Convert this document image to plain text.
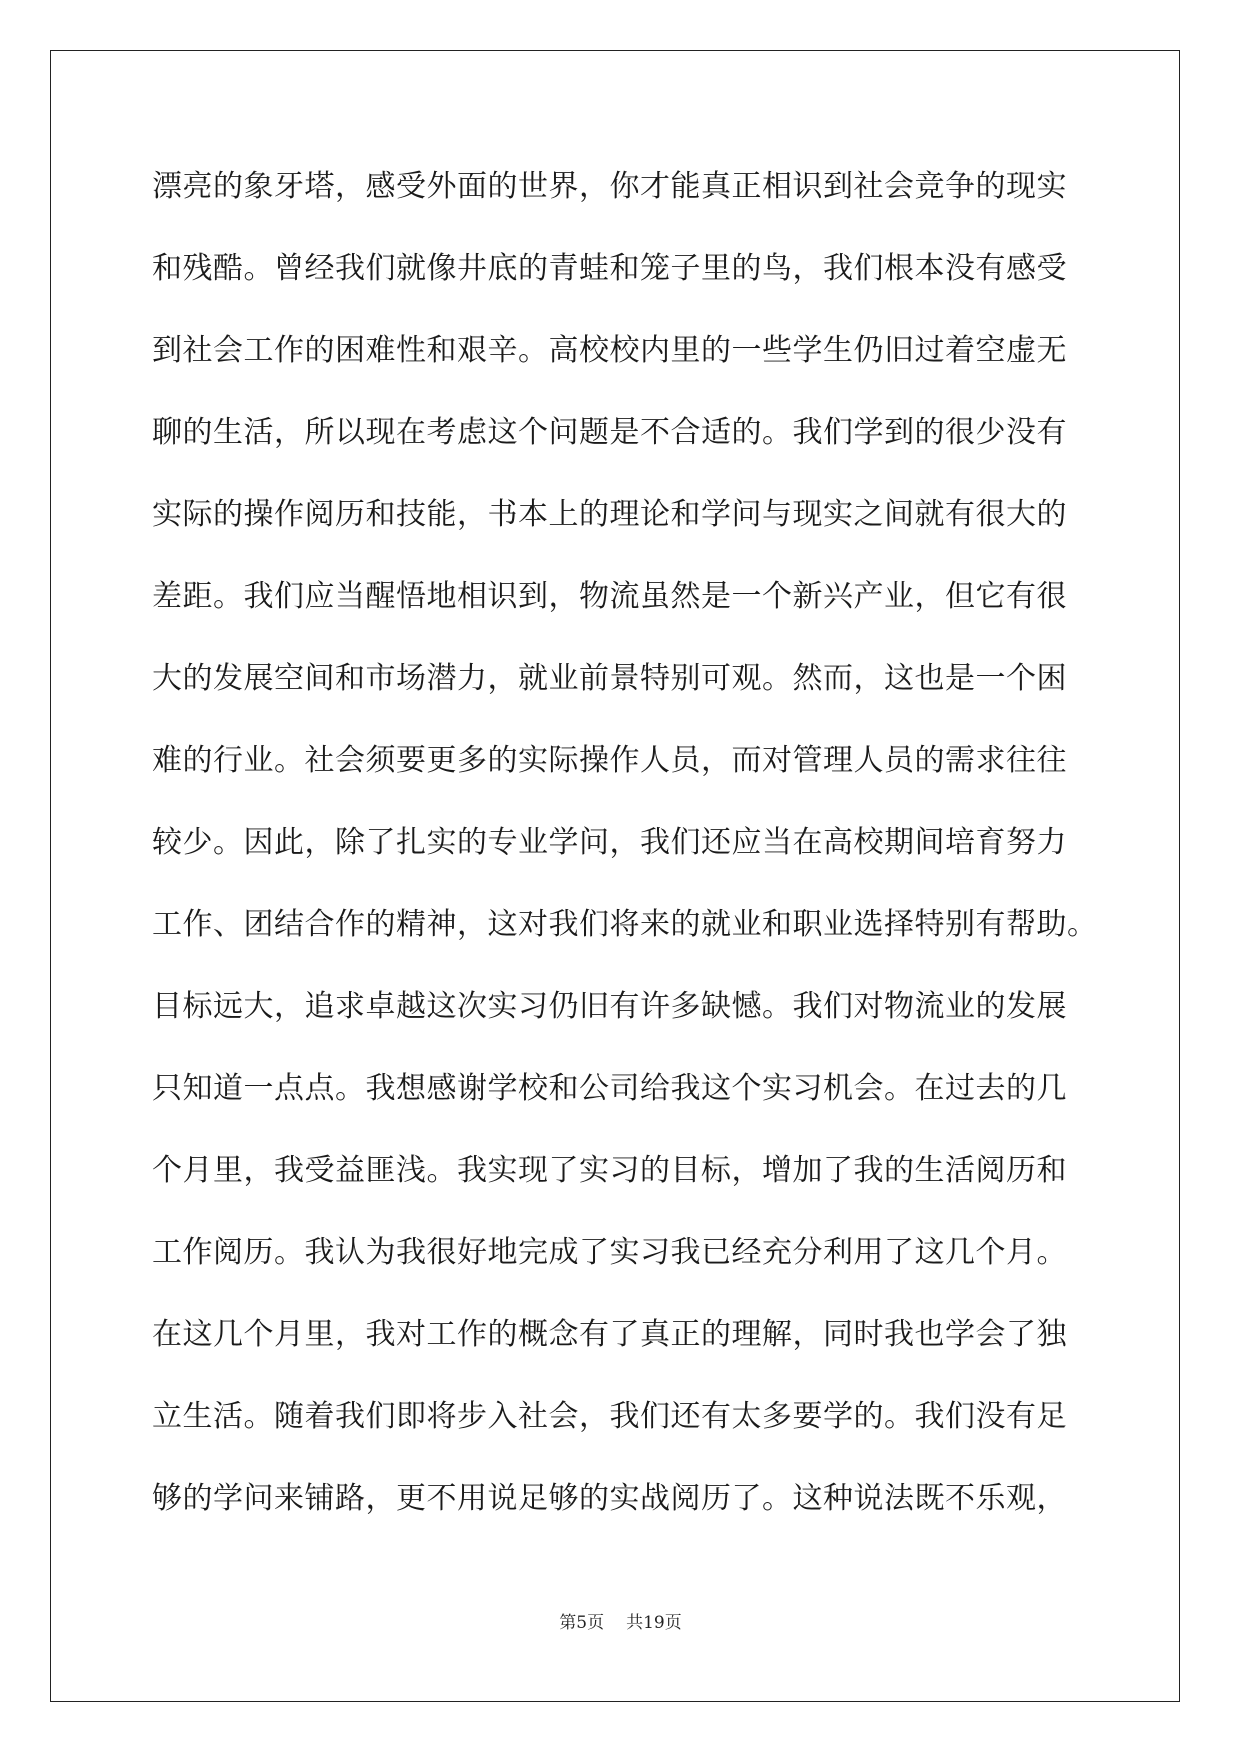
漂亮的象牙塔，感受外面的世界，你才能真正相识到社会竞争的现实
和残酷。曾经我们就像井底的青蛙和笼子里的鸟，我们根本没有感受
到社会工作的困难性和艰辛。高校校内里的一些学生仍旧过着空虚无
聊的生活，所以现在考虑这个问题是不合适的。我们学到的很少没有
实际的操作阅历和技能，书本上的理论和学问与现实之间就有很大的
差距。我们应当醒悟地相识到，物流虽然是一个新兴产业，但它有很
大的发展空间和市场潜力，就业前景特别可观。然而，这也是一个困
难的行业。社会须要更多的实际操作人员，而对管理人员的需求往往
较少。因此，除了扎实的专业学问，我们还应当在高校期间培育努力
工作、团结合作的精神，这对我们将来的就业和职业选择特别有帮助。
目标远大，追求卓越这次实习仍旧有许多缺憾。我们对物流业的发展
只知道一点点。我想感谢学校和公司给我这个实习机会。在过去的几
个月里，我受益匪浅。我实现了实习的目标，增加了我的生活阅历和
工作阅历。我认为我很好地完成了实习我已经充分利用了这几个月。
在这几个月里，我对工作的概念有了真正的理解，同时我也学会了独
立生活。随着我们即将步入社会，我们还有太多要学的。我们没有足
够的学问来铺路，更不用说足够的实战阅历了。这种说法既不乐观，
第5页 共19页
